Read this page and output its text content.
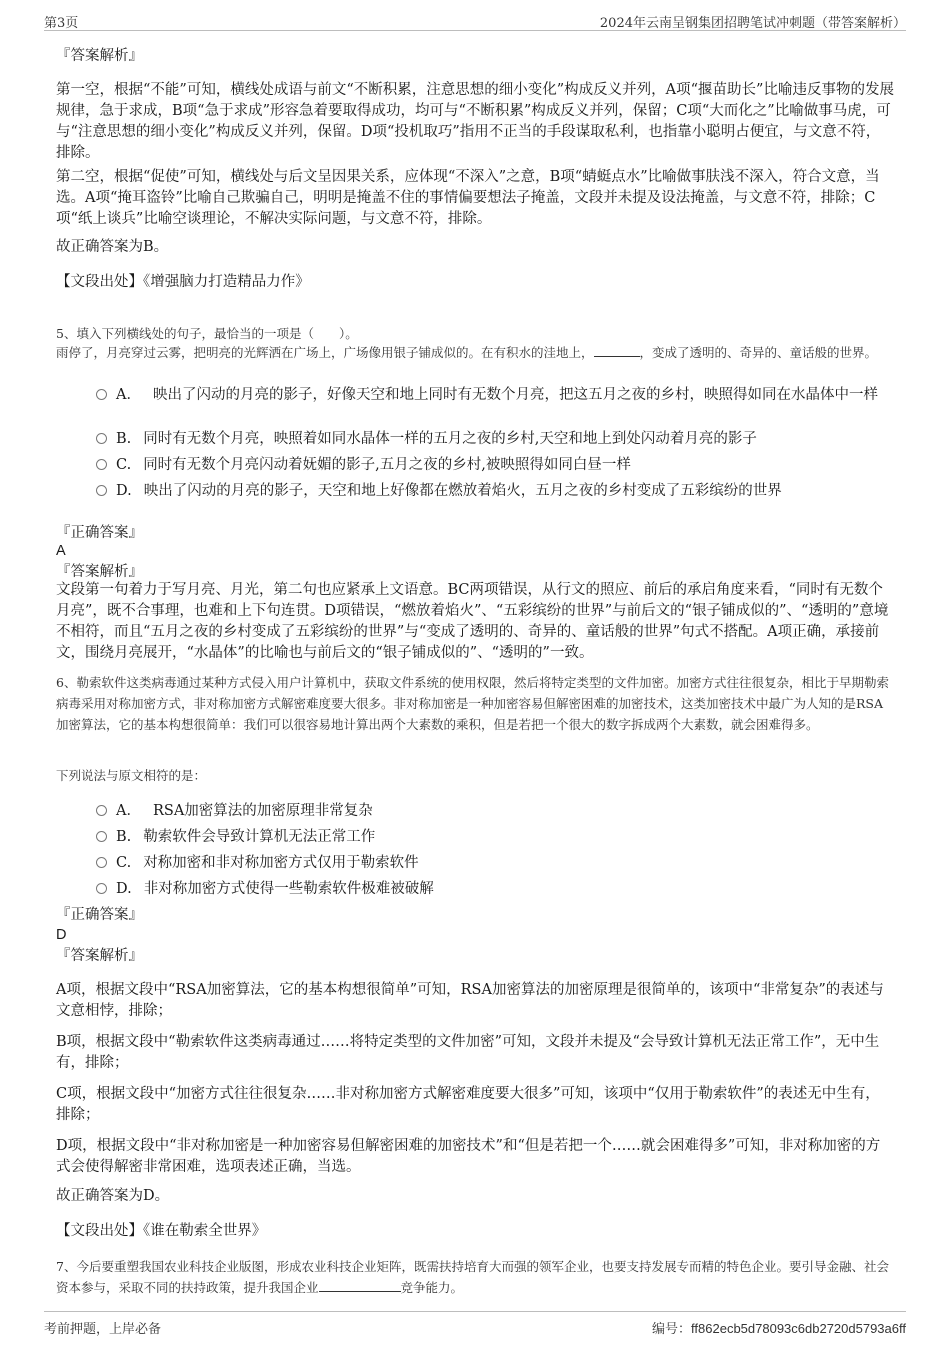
第3页	2024年云南呈钢集团招聘笔试冲刺题（带答案解析）

『答案解析』

第一空，根据“不能”可知，横线处成语与前文“不断积累，注意思想的细小变化”构成反义并列，A项“揠苗助长”比喻违反事物的发展规律，急于求成，B项“急于求成”形容急着要取得成功，均可与“不断积累”构成反义并列，保留；C项“大而化之”比喻做事马虎，可与“注意思想的细小变化”构成反义并列，保留。D项“投机取巧”指用不正当的手段谋取私利，也指靠小聪明占便宜，与文意不符，排除。

第二空，根据“促使”可知，横线处与后文呈因果关系，应体现“不深入”之意，B项“蜻蜓点水”比喻做事肤浅不深入，符合文意，当选。A项“掩耳盗铃”比喻自己欺骗自己，明明是掩盖不住的事情偏要想法子掩盖，文段并未提及设法掩盖，与文意不符，排除；C项“纸上谈兵”比喻空谈理论，不解决实际问题，与文意不符，排除。

故正确答案为B。

【文段出处】《增强脑力打造精品力作》

5、填入下列横线处的句子，最恰当的一项是（　　）。

雨停了，月亮穿过云雾，把明亮的光辉洒在广场上，广场像用银子铺成似的。在有积水的洼地上，	，变成了透明的、奇异的、童话般的世界。

A． 映出了闪动的月亮的影子，好像天空和地上同时有无数个月亮，把这五月之夜的乡村，映照得如同在水晶体中一样
B. 同时有无数个月亮，映照着如同水晶体一样的五月之夜的乡村,天空和地上到处闪动着月亮的影子
C. 同时有无数个月亮闪动着妩媚的影子,五月之夜的乡村,被映照得如同白昼一样
D. 映出了闪动的月亮的影子，天空和地上好像都在燃放着焰火，五月之夜的乡村变成了五彩缤纷的世界

『正确答案』

A

『答案解析』

文段第一句着力于写月亮、月光，第二句也应紧承上文语意。BC两项错误，从行文的照应、前后的承启角度来看，“同时有无数个月亮”，既不合事理，也难和上下句连贯。D项错误，“燃放着焰火”、“五彩缤纷的世界”与前后文的“银子铺成似的”、“透明的”意境不相符，而且“五月之夜的乡村变成了五彩缤纷的世界”与“变成了透明的、奇异的、童话般的世界”句式不搭配。A项正确，承接前文，围绕月亮展开，“水晶体”的比喻也与前后文的“银子铺成似的”、“透明的”一致。

6、勒索软件这类病毒通过某种方式侵入用户计算机中，获取文件系统的使用权限，然后将特定类型的文件加密。加密方式往往很复杂，相比于早期勒索病毒采用对称加密方式，非对称加密方式解密难度要大很多。非对称加密是一种加密容易但解密困难的加密技术，这类加密技术中最广为人知的是RSA加密算法，它的基本构想很简单：我们可以很容易地计算出两个大素数的乘积，但是若把一个很大的数字拆成两个大素数，就会困难得多。

下列说法与原文相符的是：

A． RSA加密算法的加密原理非常复杂
B. 勒索软件会导致计算机无法正常工作
C. 对称加密和非对称加密方式仅用于勒索软件
D. 非对称加密方式使得一些勒索软件极难被破解

『正确答案』

D

『答案解析』

A项，根据文段中“RSA加密算法，它的基本构想很简单”可知，RSA加密算法的加密原理是很简单的，该项中“非常复杂”的表述与文意相悖，排除；

B项，根据文段中“勒索软件这类病毒通过……将特定类型的文件加密”可知，文段并未提及“会导致计算机无法正常工作”，无中生有，排除；

C项，根据文段中“加密方式往往很复杂……非对称加密方式解密难度要大很多”可知，该项中“仅用于勒索软件”的表述无中生有，排除；

D项，根据文段中“非对称加密是一种加密容易但解密困难的加密技术”和“但是若把一个……就会困难得多”可知，非对称加密的方式会使得解密非常困难，选项表述正确，当选。

故正确答案为D。

【文段出处】《谁在勒索全世界》

7、今后要重塑我国农业科技企业版图，形成农业科技企业矩阵，既需扶持培育大而强的领军企业，也要支持发展专而精的特色企业。要引导金融、社会资本参与，采取不同的扶持政策，提升我国企业	竞争能力。

考前押题，上岸必备	编号：ff862ecb5d78093c6db2720d5793a6ff
